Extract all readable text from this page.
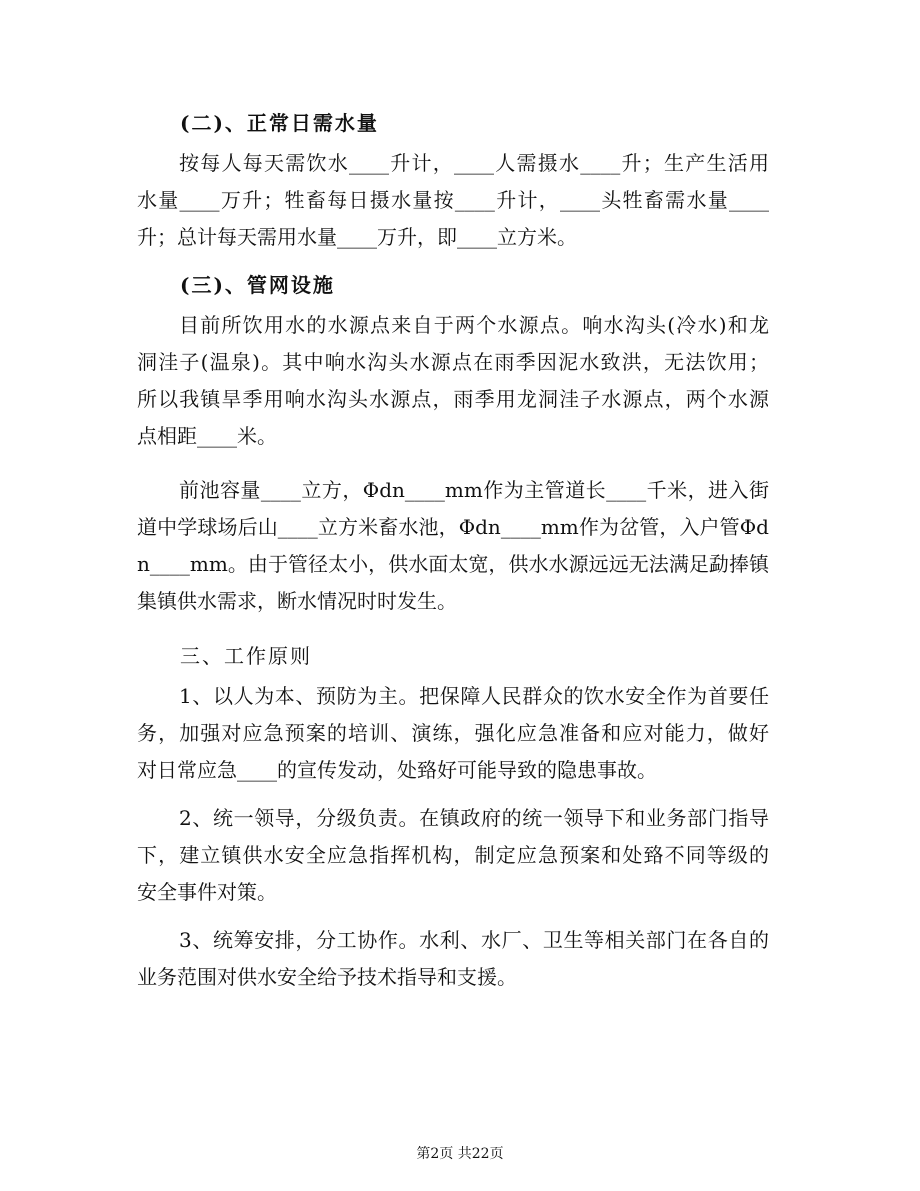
(二)、正常日需水量
按每人每天需饮水____升计，____人需摄水____升；生产生活用
水量____万升；牲畜每日摄水量按____升计，____头牲畜需水量____
升；总计每天需用水量____万升，即____立方米。
(三)、管网设施
目前所饮用水的水源点来自于两个水源点。响水沟头(冷水)和龙
洞洼子(温泉)。其中响水沟头水源点在雨季因泥水致洪，无法饮用；
所以我镇旱季用响水沟头水源点，雨季用龙洞洼子水源点，两个水源
点相距____米。
前池容量____立方，Φdn____mm作为主管道长____千米，进入街
道中学球场后山____立方米畜水池，Φdn____mm作为岔管，入户管Φd
n____mm。由于管径太小，供水面太宽，供水水源远远无法满足勐捧镇
集镇供水需求，断水情况时时发生。
三、工作原则
1、以人为本、预防为主。把保障人民群众的饮水安全作为首要任
务，加强对应急预案的培训、演练，强化应急准备和应对能力，做好
对日常应急____的宣传发动，处臵好可能导致的隐患事故。
2、统一领导，分级负责。在镇政府的统一领导下和业务部门指导
下，建立镇供水安全应急指挥机构，制定应急预案和处臵不同等级的
安全事件对策。
3、统筹安排，分工协作。水利、水厂、卫生等相关部门在各自的
业务范围对供水安全给予技术指导和支援。
第2页 共22页
